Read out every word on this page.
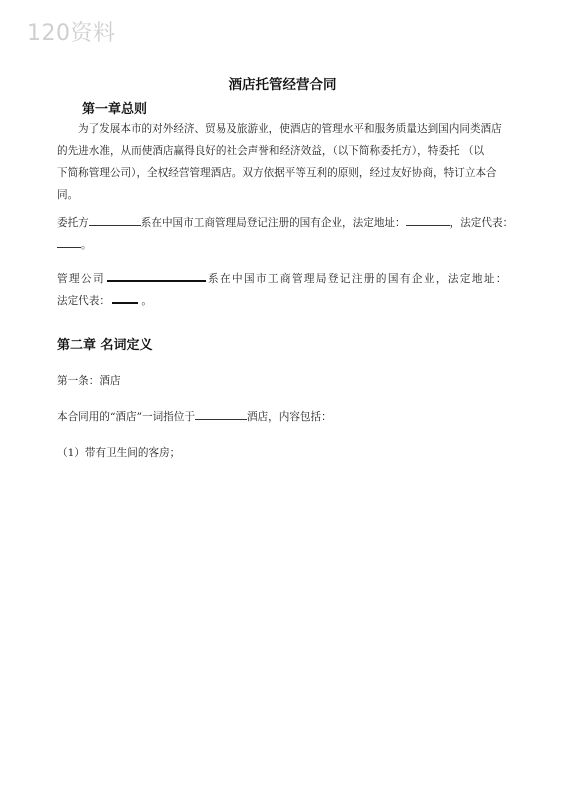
120资料
酒店托管经营合同
第一章总则
为了发展本市的对外经济、贸易及旅游业，使酒店的管理水平和服务质量达到国内同类酒店
的先进水准，从而使酒店赢得良好的社会声誉和经济效益，（以下简称委托方），特委托 （以
下简称管理公司），全权经营管理酒店。双方依据平等互利的原则，经过友好协商，特订立本合
同。
委托方	系在中国市工商管理局登记注册的国有企业，法定地址：	，法定代表：
。
管理公司	系在中国市工商管理局登记注册的国有企业，法定地址：
法定代表：	。
第二章 名词定义
第一条：酒店
本合同用的“酒店”一词指位于	酒店，内容包括：
（1）带有卫生间的客房；
